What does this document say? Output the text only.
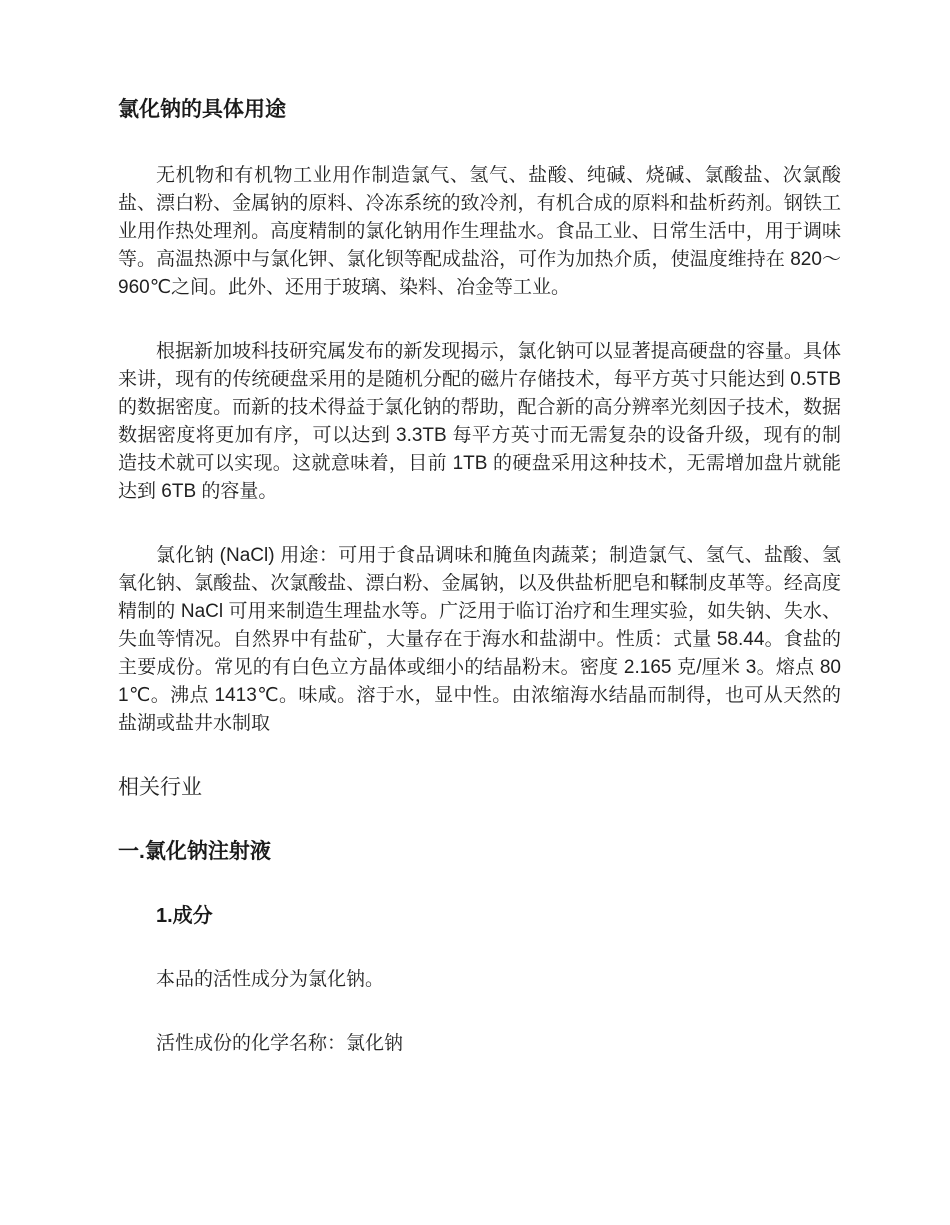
氯化钠的具体用途

无机物和有机物工业用作制造氯气、氢气、盐酸、纯碱、烧碱、氯酸盐、次氯酸盐、漂白粉、金属钠的原料、冷冻系统的致冷剂，有机合成的原料和盐析药剂。钢铁工业用作热处理剂。高度精制的氯化钠用作生理盐水。食品工业、日常生活中，用于调味等。高温热源中与氯化钾、氯化钡等配成盐浴，可作为加热介质，使温度维持在 820～960℃之间。此外、还用于玻璃、染料、冶金等工业。

根据新加坡科技研究属发布的新发现揭示，氯化钠可以显著提高硬盘的容量。具体来讲，现有的传统硬盘采用的是随机分配的磁片存储技术，每平方英寸只能达到 0.5TB 的数据密度。而新的技术得益于氯化钠的帮助，配合新的高分辨率光刻因子技术，数据数据密度将更加有序，可以达到 3.3TB 每平方英寸而无需复杂的设备升级，现有的制造技术就可以实现。这就意味着，目前 1TB 的硬盘采用这种技术，无需增加盘片就能达到 6TB 的容量。

氯化钠 (NaCl) 用途：可用于食品调味和腌鱼肉蔬菜；制造氯气、氢气、盐酸、氢氧化钠、氯酸盐、次氯酸盐、漂白粉、金属钠，以及供盐析肥皂和鞣制皮革等。经高度精制的 NaCl 可用来制造生理盐水等。广泛用于临订治疗和生理实验，如失钠、失水、失血等情况。自然界中有盐矿，大量存在于海水和盐湖中。性质：式量 58.44。食盐的主要成份。常见的有白色立方晶体或细小的结晶粉末。密度 2.165 克/厘米 3。熔点 801℃。沸点 1413℃。味咸。溶于水，显中性。由浓缩海水结晶而制得，也可从天然的盐湖或盐井水制取

相关行业

一.氯化钠注射液
1.成分

本品的活性成分为氯化钠。

活性成份的化学名称：氯化钠
